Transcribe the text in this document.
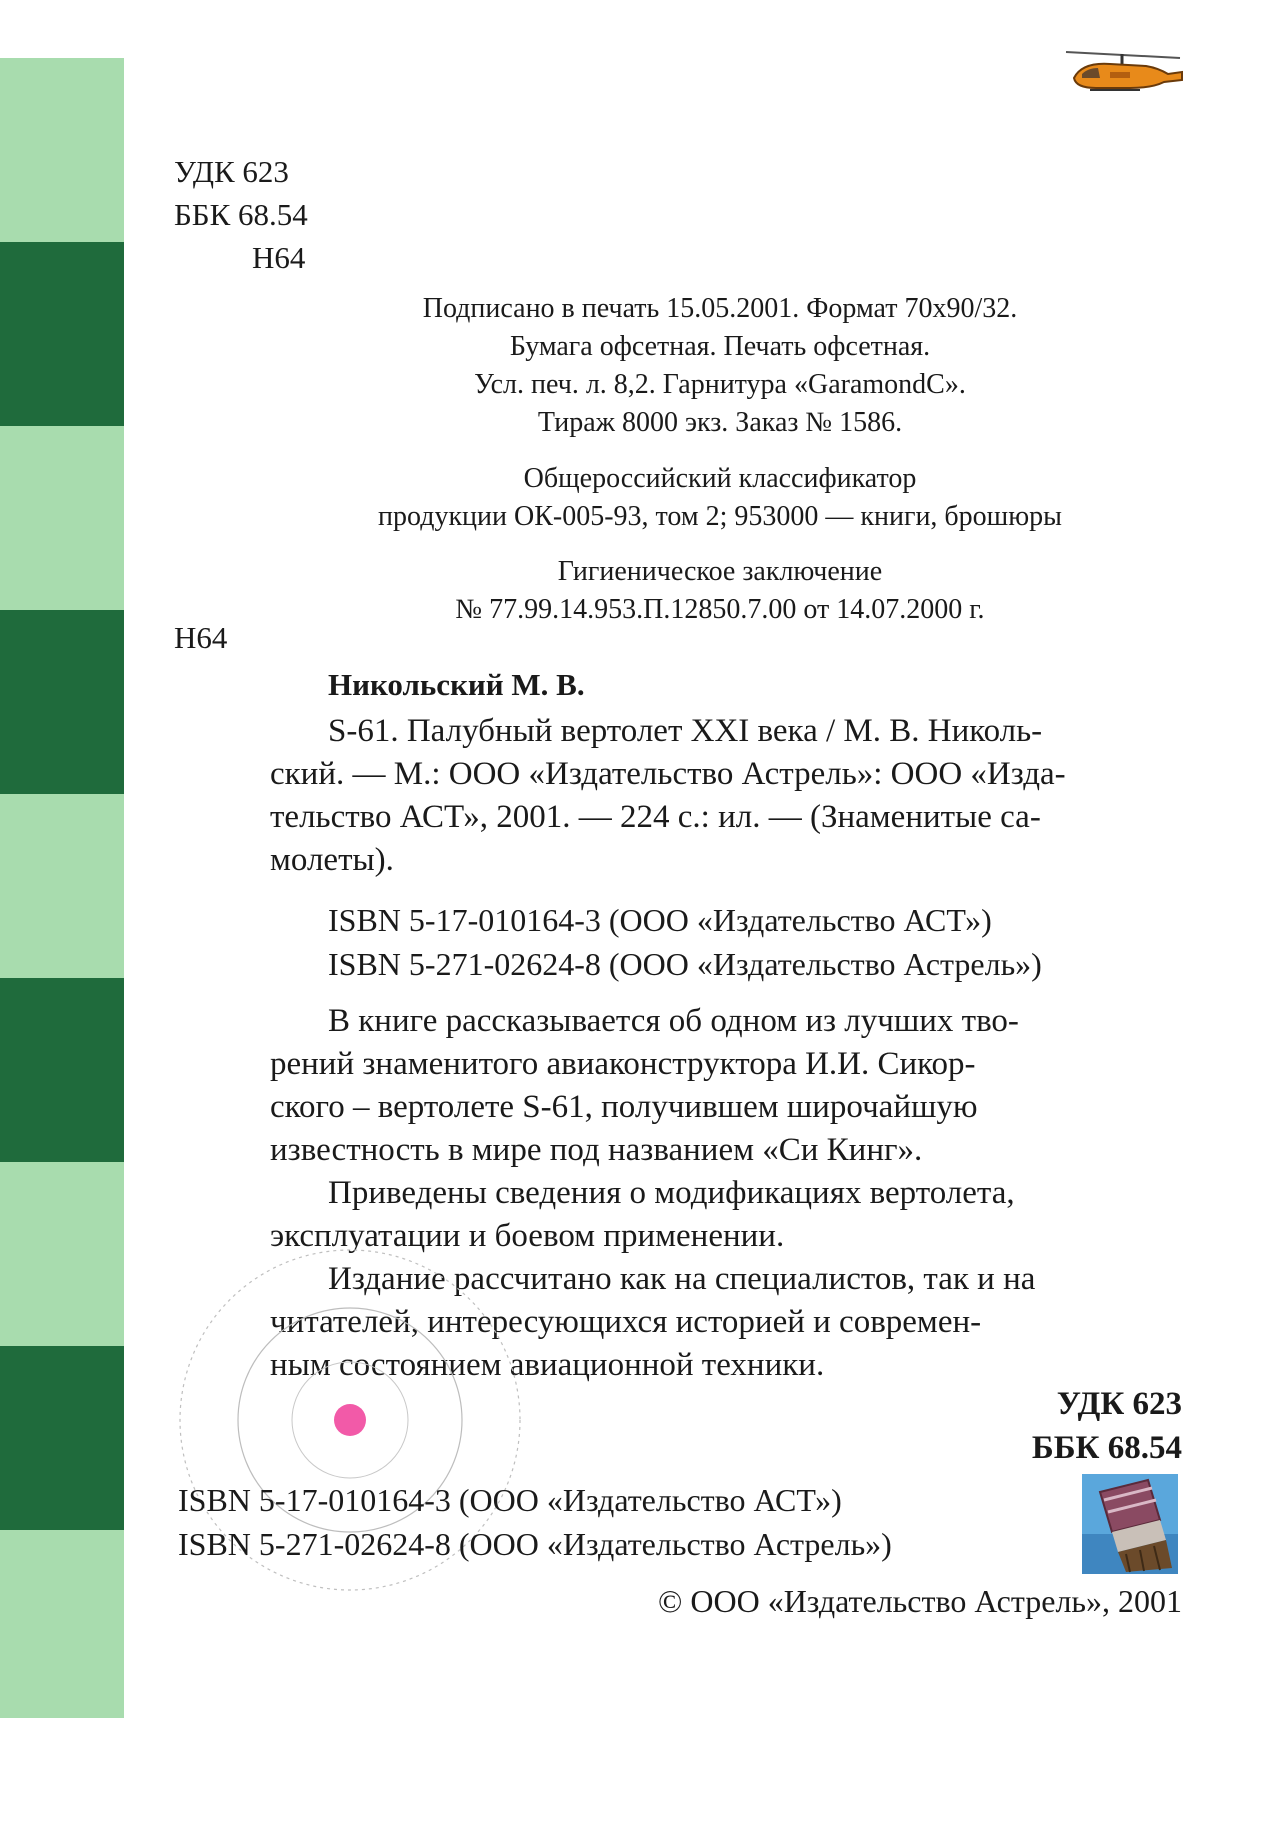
УДК 623
ББК 68.54
Н64
Подписано в печать 15.05.2001. Формат 70х90/32.
Бумага офсетная. Печать офсетная.
Усл. печ. л. 8,2. Гарнитура «GaramondC».
Тираж 8000 экз. Заказ № 1586.
Общероссийский классификатор
продукции ОК-005-93, том 2; 953000 — книги, брошюры
Гигиеническое заключение
№ 77.99.14.953.П.12850.7.00 от 14.07.2000 г.
Н64
Никольский М. В.
S-61. Палубный вертолет XXI века / М. В. Николь-
ский. — М.: ООО «Издательство Астрель»: ООО «Изда-
тельство АСТ», 2001. — 224 с.: ил. — (Знаменитые са-
молеты).
ISBN 5-17-010164-3 (ООО «Издательство АСТ»)
ISBN 5-271-02624-8 (ООО «Издательство Астрель»)
В книге рассказывается об одном из лучших тво-
рений знаменитого авиаконструктора И.И. Сикор-
ского – вертолете S-61, получившем широчайшую
известность в мире под названием «Си Кинг».
Приведены сведения о модификациях вертолета,
эксплуатации и боевом применении.
Издание рассчитано как на специалистов, так и на
читателей, интересующихся историей и современ-
ным состоянием авиационной техники.
УДК 623
ББК 68.54
ISBN 5-17-010164-3 (ООО «Издательство АСТ»)
ISBN 5-271-02624-8 (ООО «Издательство Астрель»)
© ООО «Издательство Астрель», 2001
